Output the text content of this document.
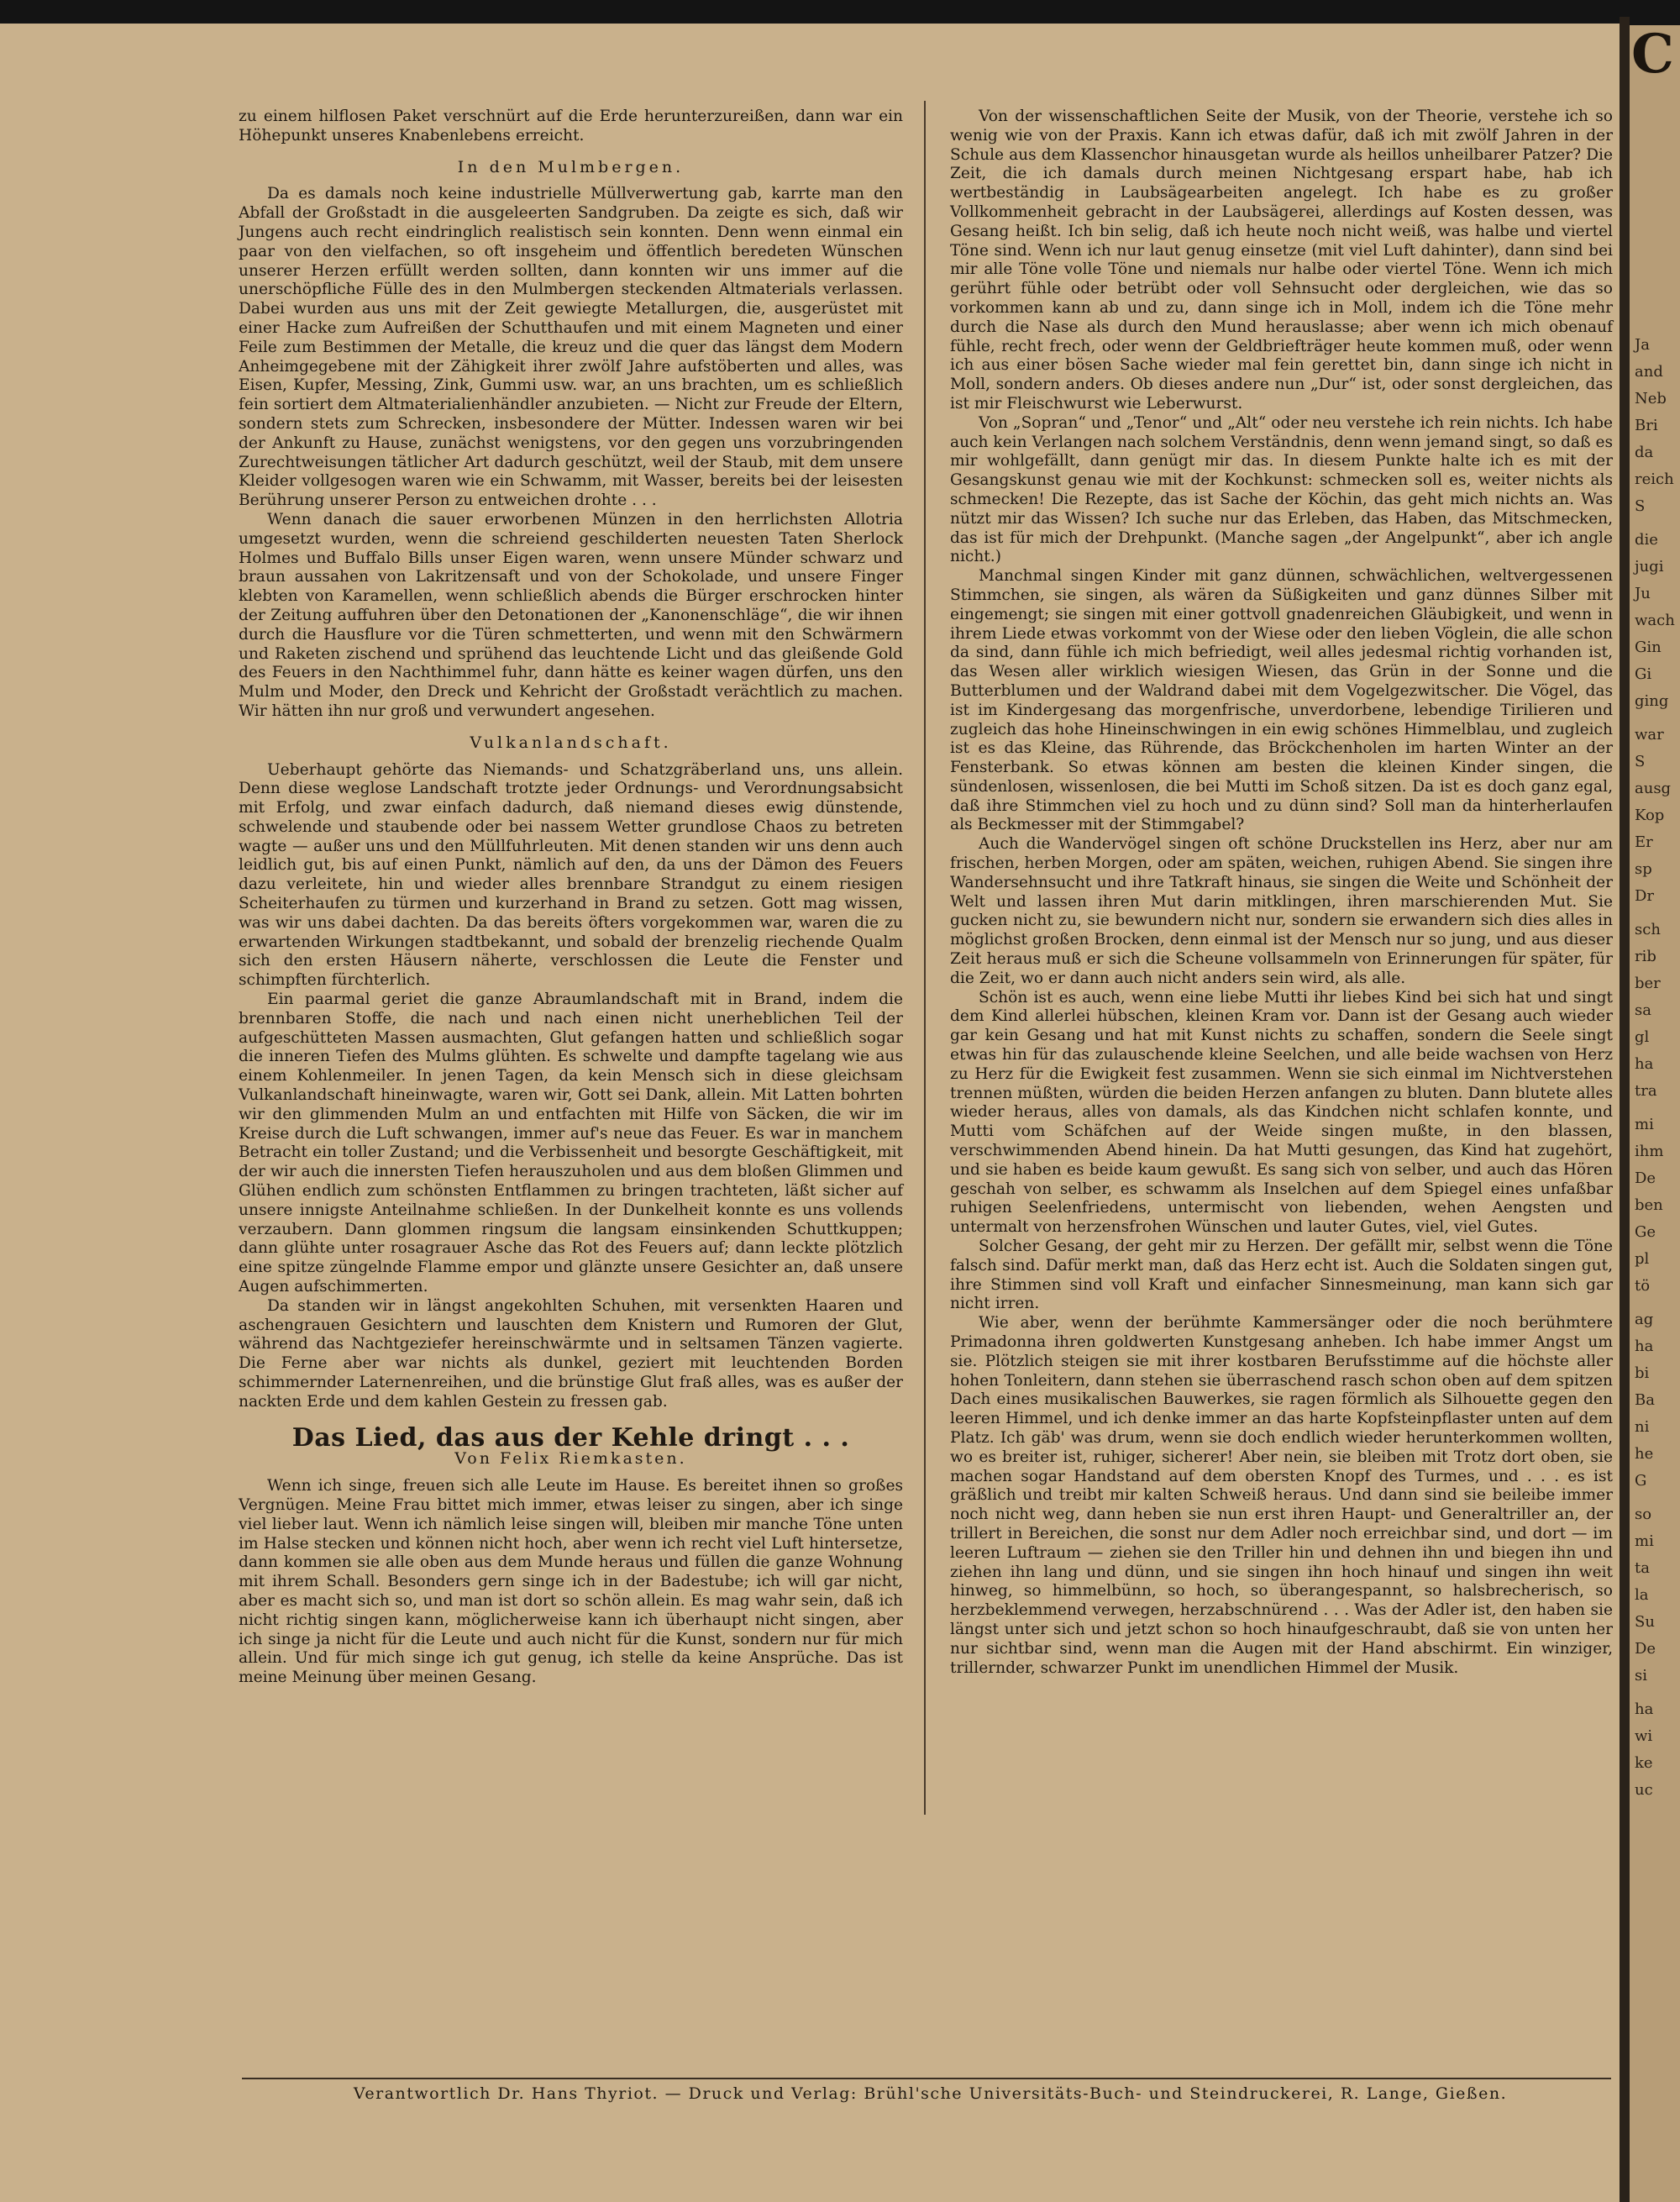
zu einem hilflosen Paket verschnürt auf die Erde herunterzureißen, dann war ein Höhepunkt unseres Knabenlebens erreicht.

In den Mulmbergen.

Da es damals noch keine industrielle Müllverwertung gab, karrte man den Abfall der Großstadt in die ausgeleerten Sandgruben. Da zeigte es sich, daß wir Jungens auch recht eindringlich realistisch sein konnten. Denn wenn einmal ein paar von den vielfachen, so oft insgeheim und öffentlich beredeten Wünschen unserer Herzen erfüllt werden sollten, dann konnten wir uns immer auf die unerschöpfliche Fülle des in den Mulmbergen steckenden Altmaterials verlassen. Dabei wurden aus uns mit der Zeit gewiegte Metallurgen, die, ausgerüstet mit einer Hacke zum Aufreißen der Schutthaufen und mit einem Magneten und einer Feile zum Bestimmen der Metalle, die kreuz und die quer das längst dem Modern Anheimgegebene mit der Zähigkeit ihrer zwölf Jahre aufstöberten und alles, was Eisen, Kupfer, Messing, Zink, Gummi usw. war, an uns brachten, um es schließlich fein sortiert dem Altmaterialienhändler anzubieten. — Nicht zur Freude der Eltern, sondern stets zum Schrecken, insbesondere der Mütter. Indessen waren wir bei der Ankunft zu Hause, zunächst wenigstens, vor den gegen uns vorzubringenden Zurechtweisungen tätlicher Art dadurch geschützt, weil der Staub, mit dem unsere Kleider vollgesogen waren wie ein Schwamm, mit Wasser, bereits bei der leisesten Berührung unserer Person zu entweichen drohte . . .

Wenn danach die sauer erworbenen Münzen in den herrlichsten Allotria umgesetzt wurden, wenn die schreiend geschilderten neuesten Taten Sherlock Holmes und Buffalo Bills unser Eigen waren, wenn unsere Münder schwarz und braun aussahen von Lakritzensaft und von der Schokolade, und unsere Finger klebten von Karamellen, wenn schließlich abends die Bürger erschrocken hinter der Zeitung auffuhren über den Detonationen der „Kanonenschläge“, die wir ihnen durch die Hausflure vor die Türen schmetterten, und wenn mit den Schwärmern und Raketen zischend und sprühend das leuchtende Licht und das gleißende Gold des Feuers in den Nachthimmel fuhr, dann hätte es keiner wagen dürfen, uns den Mulm und Moder, den Dreck und Kehricht der Großstadt verächtlich zu machen. Wir hätten ihn nur groß und verwundert angesehen.

Vulkanlandschaft.

Ueberhaupt gehörte das Niemands- und Schatzgräberland uns, uns allein. Denn diese weglose Landschaft trotzte jeder Ordnungs- und Verordnungsabsicht mit Erfolg, und zwar einfach dadurch, daß niemand dieses ewig dünstende, schwelende und staubende oder bei nassem Wetter grundlose Chaos zu betreten wagte — außer uns und den Müllfuhrleuten. Mit denen standen wir uns denn auch leidlich gut, bis auf einen Punkt, nämlich auf den, da uns der Dämon des Feuers dazu verleitete, hin und wieder alles brennbare Strandgut zu einem riesigen Scheiterhaufen zu türmen und kurzerhand in Brand zu setzen. Gott mag wissen, was wir uns dabei dachten. Da das bereits öfters vorgekommen war, waren die zu erwartenden Wirkungen stadtbekannt, und sobald der brenzelig riechende Qualm sich den ersten Häusern näherte, verschlossen die Leute die Fenster und schimpften fürchterlich.

Ein paarmal geriet die ganze Abraumlandschaft mit in Brand, indem die brennbaren Stoffe, die nach und nach einen nicht unerheblichen Teil der aufgeschütteten Massen ausmachten, Glut gefangen hatten und schließlich sogar die inneren Tiefen des Mulms glühten. Es schwelte und dampfte tagelang wie aus einem Kohlenmeiler. In jenen Tagen, da kein Mensch sich in diese gleichsam Vulkanlandschaft hineinwagte, waren wir, Gott sei Dank, allein. Mit Latten bohrten wir den glimmenden Mulm an und entfachten mit Hilfe von Säcken, die wir im Kreise durch die Luft schwangen, immer auf's neue das Feuer. Es war in manchem Betracht ein toller Zustand; und die Verbissenheit und besorgte Geschäftigkeit, mit der wir auch die innersten Tiefen herauszuholen und aus dem bloßen Glimmen und Glühen endlich zum schönsten Entflammen zu bringen trachteten, läßt sicher auf unsere innigste Anteilnahme schließen. In der Dunkelheit konnte es uns vollends verzaubern. Dann glommen ringsum die langsam einsinkenden Schuttkuppen; dann glühte unter rosagrauer Asche das Rot des Feuers auf; dann leckte plötzlich eine spitze züngelnde Flamme empor und glänzte unsere Gesichter an, daß unsere Augen aufschimmerten.

Da standen wir in längst angekohlten Schuhen, mit versenkten Haaren und aschengrauen Gesichtern und lauschten dem Knistern und Rumoren der Glut, während das Nachtgeziefer hereinschwärmte und in seltsamen Tänzen vagierte. Die Ferne aber war nichts als dunkel, geziert mit leuchtenden Borden schimmernder Laternenreihen, und die brünstige Glut fraß alles, was es außer der nackten Erde und dem kahlen Gestein zu fressen gab.

Das Lied, das aus der Kehle dringt . . .
Von Felix Riemkasten.

Wenn ich singe, freuen sich alle Leute im Hause. Es bereitet ihnen so großes Vergnügen. Meine Frau bittet mich immer, etwas leiser zu singen, aber ich singe viel lieber laut. Wenn ich nämlich leise singen will, bleiben mir manche Töne unten im Halse stecken und können nicht hoch, aber wenn ich recht viel Luft hintersetze, dann kommen sie alle oben aus dem Munde heraus und füllen die ganze Wohnung mit ihrem Schall. Besonders gern singe ich in der Badestube; ich will gar nicht, aber es macht sich so, und man ist dort so schön allein. Es mag wahr sein, daß ich nicht richtig singen kann, möglicherweise kann ich überhaupt nicht singen, aber ich singe ja nicht für die Leute und auch nicht für die Kunst, sondern nur für mich allein. Und für mich singe ich gut genug, ich stelle da keine Ansprüche. Das ist meine Meinung über meinen Gesang.

Von der wissenschaftlichen Seite der Musik, von der Theorie, verstehe ich so wenig wie von der Praxis. Kann ich etwas dafür, daß ich mit zwölf Jahren in der Schule aus dem Klassenchor hinausgetan wurde als heillos unheilbarer Patzer? Die Zeit, die ich damals durch meinen Nichtgesang erspart habe, hab ich wertbeständig in Laubsägearbeiten angelegt. Ich habe es zu großer Vollkommenheit gebracht in der Laubsägerei, allerdings auf Kosten dessen, was Gesang heißt. Ich bin selig, daß ich heute noch nicht weiß, was halbe und viertel Töne sind. Wenn ich nur laut genug einsetze (mit viel Luft dahinter), dann sind bei mir alle Töne volle Töne und niemals nur halbe oder viertel Töne. Wenn ich mich gerührt fühle oder betrübt oder voll Sehnsucht oder dergleichen, wie das so vorkommen kann ab und zu, dann singe ich in Moll, indem ich die Töne mehr durch die Nase als durch den Mund herauslasse; aber wenn ich mich obenauf fühle, recht frech, oder wenn der Geldbriefträger heute kommen muß, oder wenn ich aus einer bösen Sache wieder mal fein gerettet bin, dann singe ich nicht in Moll, sondern anders. Ob dieses andere nun „Dur“ ist, oder sonst dergleichen, das ist mir Fleischwurst wie Leberwurst.

Von „Sopran“ und „Tenor“ und „Alt“ oder neu verstehe ich rein nichts. Ich habe auch kein Verlangen nach solchem Verständnis, denn wenn jemand singt, so daß es mir wohlgefällt, dann genügt mir das. In diesem Punkte halte ich es mit der Gesangskunst genau wie mit der Kochkunst: schmecken soll es, weiter nichts als schmecken! Die Rezepte, das ist Sache der Köchin, das geht mich nichts an. Was nützt mir das Wissen? Ich suche nur das Erleben, das Haben, das Mitschmecken, das ist für mich der Drehpunkt. (Manche sagen „der Angelpunkt“, aber ich angle nicht.)

Manchmal singen Kinder mit ganz dünnen, schwächlichen, weltvergessenen Stimmchen, sie singen, als wären da Süßigkeiten und ganz dünnes Silber mit eingemengt; sie singen mit einer gottvoll gnadenreichen Gläubigkeit, und wenn in ihrem Liede etwas vorkommt von der Wiese oder den lieben Vöglein, die alle schon da sind, dann fühle ich mich befriedigt, weil alles jedesmal richtig vorhanden ist, das Wesen aller wirklich wiesigen Wiesen, das Grün in der Sonne und die Butterblumen und der Waldrand dabei mit dem Vogelgezwitscher. Die Vögel, das ist im Kindergesang das morgenfrische, unverdorbene, lebendige Tirilieren und zugleich das hohe Hineinschwingen in ein ewig schönes Himmelblau, und zugleich ist es das Kleine, das Rührende, das Bröckchenholen im harten Winter an der Fensterbank. So etwas können am besten die kleinen Kinder singen, die sündenlosen, wissenlosen, die bei Mutti im Schoß sitzen. Da ist es doch ganz egal, daß ihre Stimmchen viel zu hoch und zu dünn sind? Soll man da hinterherlaufen als Beckmesser mit der Stimmgabel?

Auch die Wandervögel singen oft schöne Druckstellen ins Herz, aber nur am frischen, herben Morgen, oder am späten, weichen, ruhigen Abend. Sie singen ihre Wandersehnsucht und ihre Tatkraft hinaus, sie singen die Weite und Schönheit der Welt und lassen ihren Mut darin mitklingen, ihren marschierenden Mut. Sie gucken nicht zu, sie bewundern nicht nur, sondern sie erwandern sich dies alles in möglichst großen Brocken, denn einmal ist der Mensch nur so jung, und aus dieser Zeit heraus muß er sich die Scheune vollsammeln von Erinnerungen für später, für die Zeit, wo er dann auch nicht anders sein wird, als alle.

Schön ist es auch, wenn eine liebe Mutti ihr liebes Kind bei sich hat und singt dem Kind allerlei hübschen, kleinen Kram vor. Dann ist der Gesang auch wieder gar kein Gesang und hat mit Kunst nichts zu schaffen, sondern die Seele singt etwas hin für das zulauschende kleine Seelchen, und alle beide wachsen von Herz zu Herz für die Ewigkeit fest zusammen. Wenn sie sich einmal im Nichtverstehen trennen müßten, würden die beiden Herzen anfangen zu bluten. Dann blutete alles wieder heraus, alles von damals, als das Kindchen nicht schlafen konnte, und Mutti vom Schäfchen auf der Weide singen mußte, in den blassen, verschwimmenden Abend hinein. Da hat Mutti gesungen, das Kind hat zugehört, und sie haben es beide kaum gewußt. Es sang sich von selber, und auch das Hören geschah von selber, es schwamm als Inselchen auf dem Spiegel eines unfaßbar ruhigen Seelenfriedens, untermischt von liebenden, wehen Aengsten und untermalt von herzensfrohen Wünschen und lauter Gutes, viel, viel Gutes.

Solcher Gesang, der geht mir zu Herzen. Der gefällt mir, selbst wenn die Töne falsch sind. Dafür merkt man, daß das Herz echt ist. Auch die Soldaten singen gut, ihre Stimmen sind voll Kraft und einfacher Sinnesmeinung, man kann sich gar nicht irren.

Wie aber, wenn der berühmte Kammersänger oder die noch berühmtere Primadonna ihren goldwerten Kunstgesang anheben. Ich habe immer Angst um sie. Plötzlich steigen sie mit ihrer kostbaren Berufsstimme auf die höchste aller hohen Tonleitern, dann stehen sie überraschend rasch schon oben auf dem spitzen Dach eines musikalischen Bauwerkes, sie ragen förmlich als Silhouette gegen den leeren Himmel, und ich denke immer an das harte Kopfsteinpflaster unten auf dem Platz. Ich gäb' was drum, wenn sie doch endlich wieder herunterkommen wollten, wo es breiter ist, ruhiger, sicherer! Aber nein, sie bleiben mit Trotz dort oben, sie machen sogar Handstand auf dem obersten Knopf des Turmes, und . . . es ist gräßlich und treibt mir kalten Schweiß heraus. Und dann sind sie beileibe immer noch nicht weg, dann heben sie nun erst ihren Haupt- und Generaltriller an, der trillert in Bereichen, die sonst nur dem Adler noch erreichbar sind, und dort — im leeren Luftraum — ziehen sie den Triller hin und dehnen ihn und biegen ihn und ziehen ihn lang und dünn, und sie singen ihn hoch hinauf und singen ihn weit hinweg, so himmelbünn, so hoch, so überangespannt, so halsbrecherisch, so herzbeklemmend verwegen, herzabschnürend . . . Was der Adler ist, den haben sie längst unter sich und jetzt schon so hoch hinaufgeschraubt, daß sie von unten her nur sichtbar sind, wenn man die Augen mit der Hand abschirmt. Ein winziger, trillernder, schwarzer Punkt im unendlichen Himmel der Musik.

Verantwortlich Dr. Hans Thyriot. — Druck und Verlag: Brühl'sche Universitäts-Buch- und Steindruckerei, R. Lange, Gießen.
C
Ja
and
Neb
Bri
da
reich
S
die
jugi
Ju
wach
Gin
Gi
ging
war
S
ausg
Kop
Er
sp
Dr
sch
rib
ber
sa
gl
ha
tra
mi
ihm
De
ben
Ge
pl
tö
ag
ha
bi
Ba
ni
he
G
so
mi
ta
la
Su
De
si
ha
wi
ke
uc
